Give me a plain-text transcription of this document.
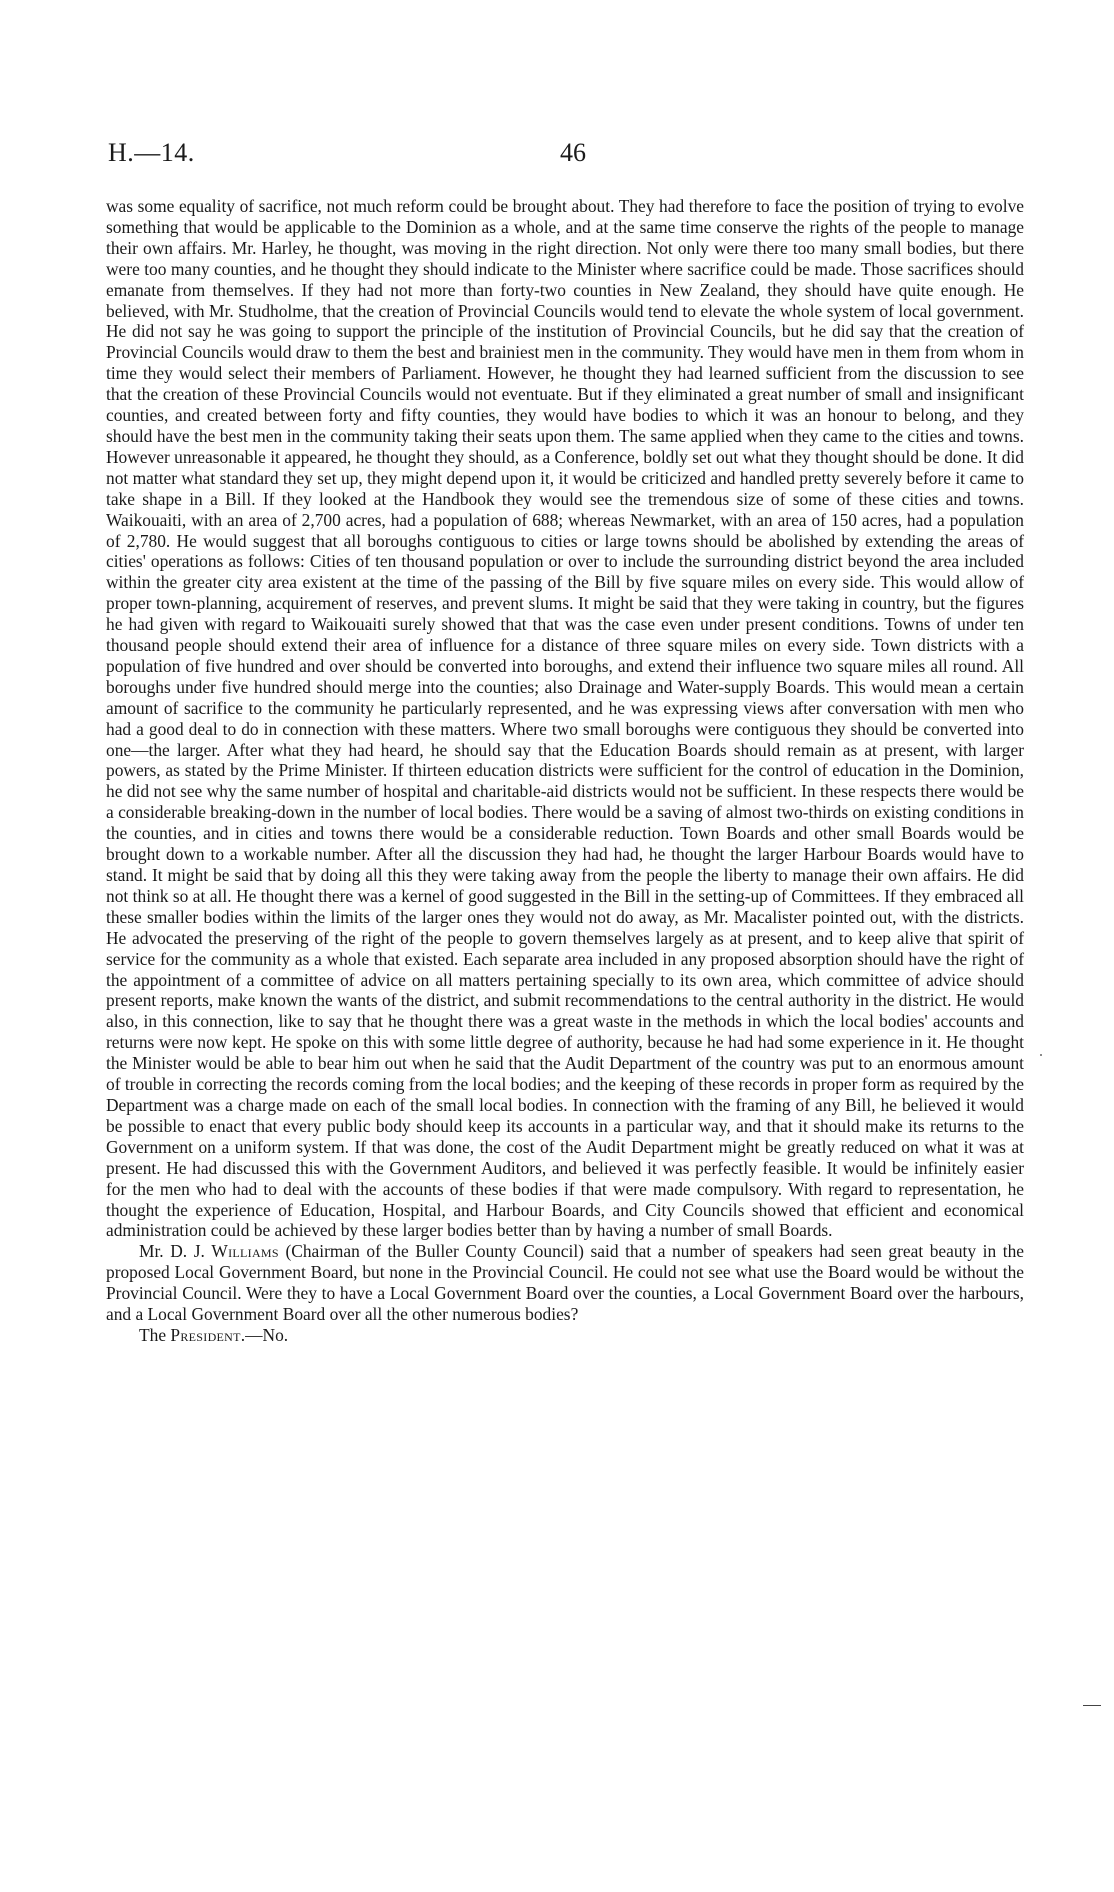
H.—14.	46

was some equality of sacrifice, not much reform could be brought about. They had therefore to face the position of trying to evolve something that would be applicable to the Dominion as a whole, and at the same time conserve the rights of the people to manage their own affairs. Mr. Harley, he thought, was moving in the right direction. Not only were there too many small bodies, but there were too many counties, and he thought they should indicate to the Minister where sacrifice could be made. Those sacrifices should emanate from themselves. If they had not more than forty-two counties in New Zealand, they should have quite enough. He believed, with Mr. Studholme, that the creation of Provincial Councils would tend to elevate the whole system of local government. He did not say he was going to support the principle of the institution of Provincial Councils, but he did say that the creation of Provincial Councils would draw to them the best and brainiest men in the community. They would have men in them from whom in time they would select their members of Parliament. However, he thought they had learned sufficient from the discussion to see that the creation of these Provincial Councils would not eventuate. But if they eliminated a great number of small and insignificant counties, and created between forty and fifty counties, they would have bodies to which it was an honour to belong, and they should have the best men in the community taking their seats upon them. The same applied when they came to the cities and towns. However unreasonable it appeared, he thought they should, as a Conference, boldly set out what they thought should be done. It did not matter what standard they set up, they might depend upon it, it would be criticized and handled pretty severely before it came to take shape in a Bill. If they looked at the Handbook they would see the tremendous size of some of these cities and towns. Waikouaiti, with an area of 2,700 acres, had a population of 688; whereas Newmarket, with an area of 150 acres, had a population of 2,780. He would suggest that all boroughs contiguous to cities or large towns should be abolished by extending the areas of cities' operations as follows: Cities of ten thousand population or over to include the surrounding district beyond the area included within the greater city area existent at the time of the passing of the Bill by five square miles on every side. This would allow of proper town-planning, acquirement of reserves, and prevent slums. It might be said that they were taking in country, but the figures he had given with regard to Waikouaiti surely showed that that was the case even under present conditions. Towns of under ten thousand people should extend their area of influence for a distance of three square miles on every side. Town districts with a population of five hundred and over should be converted into boroughs, and extend their influence two square miles all round. All boroughs under five hundred should merge into the counties; also Drainage and Water-supply Boards. This would mean a certain amount of sacrifice to the community he particularly represented, and he was expressing views after conversation with men who had a good deal to do in connection with these matters. Where two small boroughs were contiguous they should be converted into one—the larger. After what they had heard, he should say that the Education Boards should remain as at present, with larger powers, as stated by the Prime Minister. If thirteen education districts were sufficient for the control of education in the Dominion, he did not see why the same number of hospital and charitable-aid districts would not be sufficient. In these respects there would be a considerable breaking-down in the number of local bodies. There would be a saving of almost two-thirds on existing conditions in the counties, and in cities and towns there would be a considerable reduction. Town Boards and other small Boards would be brought down to a workable number. After all the discussion they had had, he thought the larger Harbour Boards would have to stand. It might be said that by doing all this they were taking away from the people the liberty to manage their own affairs. He did not think so at all. He thought there was a kernel of good suggested in the Bill in the setting-up of Committees. If they embraced all these smaller bodies within the limits of the larger ones they would not do away, as Mr. Macalister pointed out, with the districts. He advocated the preserving of the right of the people to govern themselves largely as at present, and to keep alive that spirit of service for the community as a whole that existed. Each separate area included in any proposed absorption should have the right of the appointment of a committee of advice on all matters pertaining specially to its own area, which committee of advice should present reports, make known the wants of the district, and submit recommendations to the central authority in the district. He would also, in this connection, like to say that he thought there was a great waste in the methods in which the local bodies' accounts and returns were now kept. He spoke on this with some little degree of authority, because he had had some experience in it. He thought the Minister would be able to bear him out when he said that the Audit Department of the country was put to an enormous amount of trouble in correcting the records coming from the local bodies; and the keeping of these records in proper form as required by the Department was a charge made on each of the small local bodies. In connection with the framing of any Bill, he believed it would be possible to enact that every public body should keep its accounts in a particular way, and that it should make its returns to the Government on a uniform system. If that was done, the cost of the Audit Department might be greatly reduced on what it was at present. He had discussed this with the Government Auditors, and believed it was perfectly feasible. It would be infinitely easier for the men who had to deal with the accounts of these bodies if that were made compulsory. With regard to representation, he thought the experience of Education, Hospital, and Harbour Boards, and City Councils showed that efficient and economical administration could be achieved by these larger bodies better than by having a number of small Boards.

Mr. D. J. Williams (Chairman of the Buller County Council) said that a number of speakers had seen great beauty in the proposed Local Government Board, but none in the Provincial Council. He could not see what use the Board would be without the Provincial Council. Were they to have a Local Government Board over the counties, a Local Government Board over the harbours, and a Local Government Board over all the other numerous bodies?

The President.—No.
